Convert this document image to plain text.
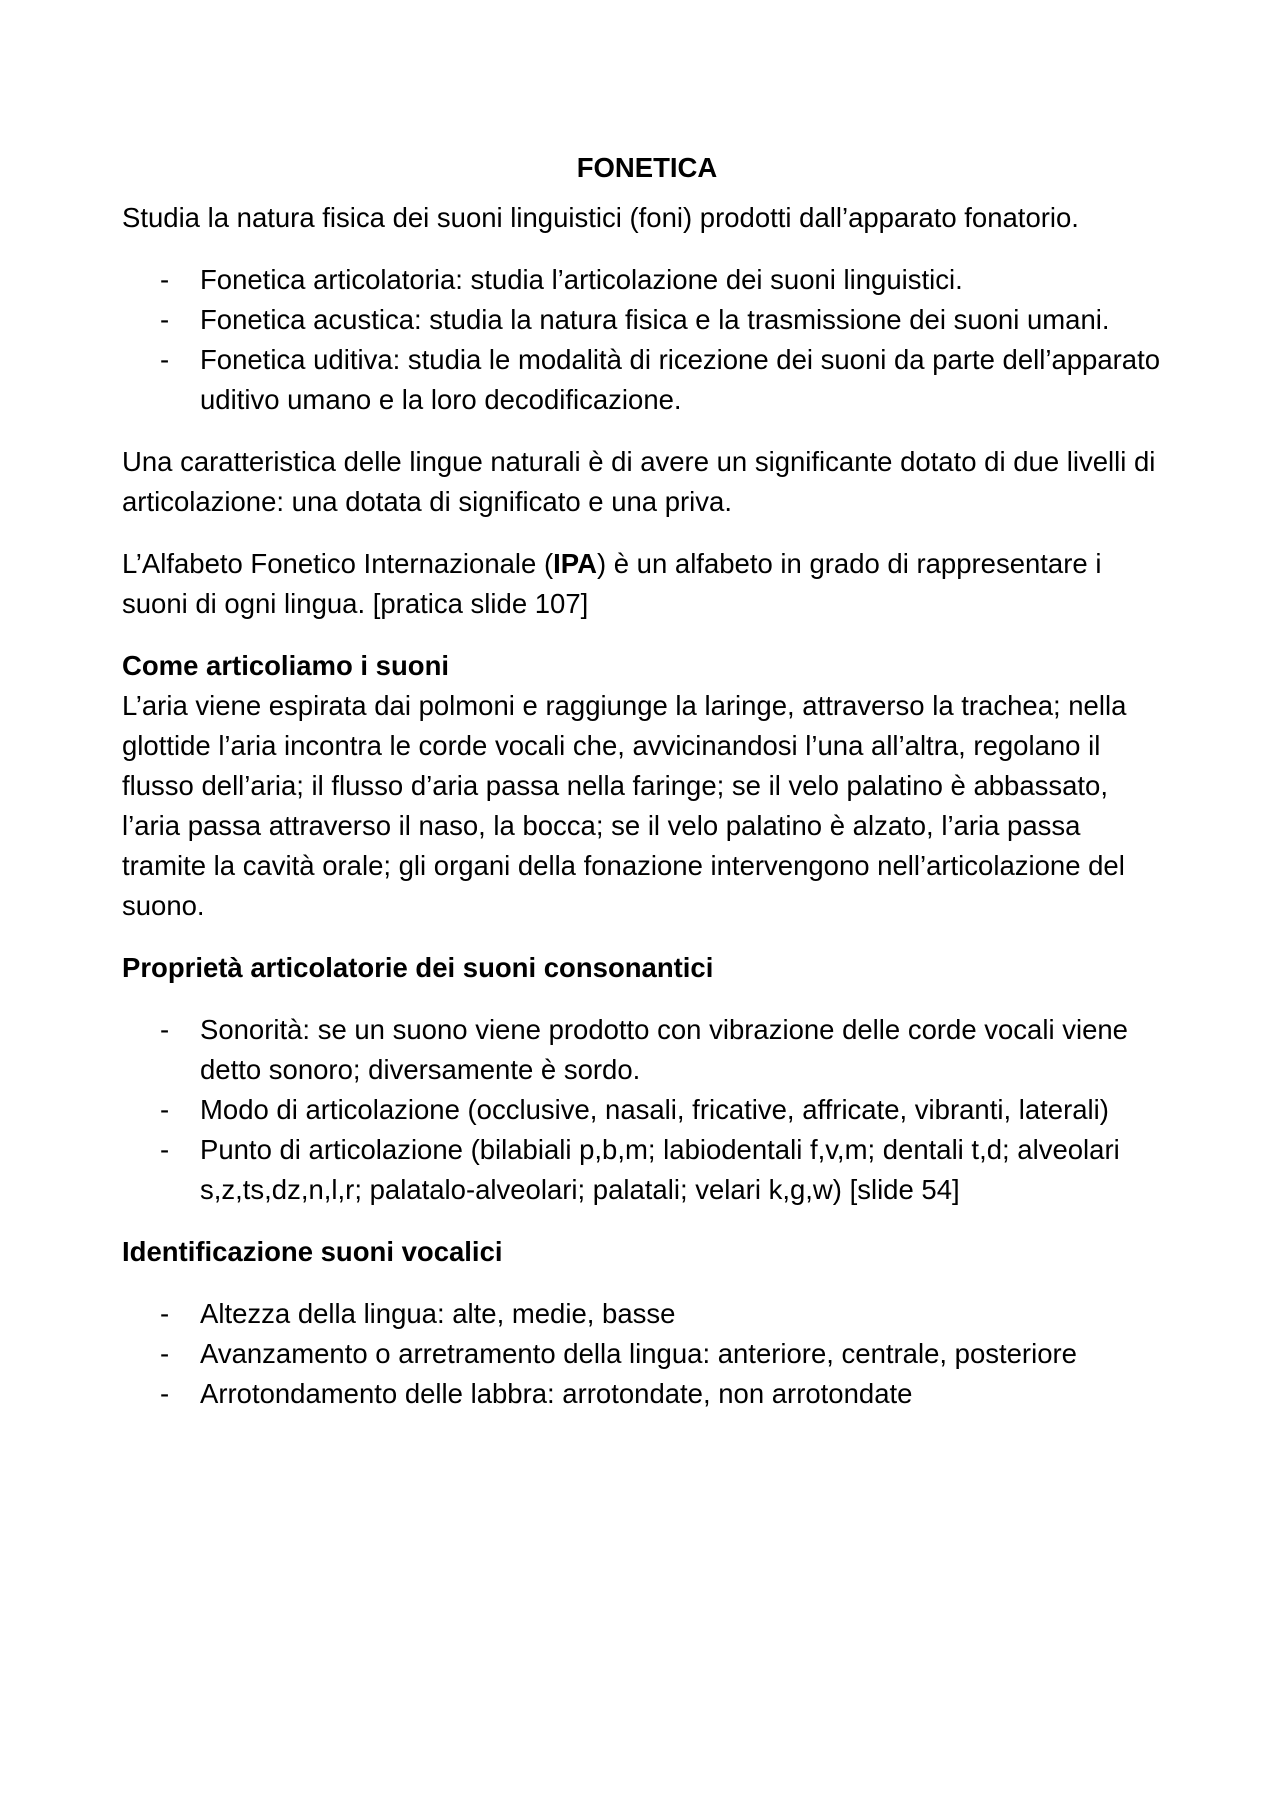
FONETICA

Studia la natura fisica dei suoni linguistici (foni) prodotti dall’apparato fonatorio.

- Fonetica articolatoria: studia l’articolazione dei suoni linguistici.
- Fonetica acustica: studia la natura fisica e la trasmissione dei suoni umani.
- Fonetica uditiva: studia le modalità di ricezione dei suoni da parte dell’apparato uditivo umano e la loro decodificazione.

Una caratteristica delle lingue naturali è di avere un significante dotato di due livelli di articolazione: una dotata di significato e una priva.

L’Alfabeto Fonetico Internazionale (IPA) è un alfabeto in grado di rappresentare i suoni di ogni lingua. [pratica slide 107]

Come articoliamo i suoni

L’aria viene espirata dai polmoni e raggiunge la laringe, attraverso la trachea; nella glottide l’aria incontra le corde vocali che, avvicinandosi l’una all’altra, regolano il flusso dell’aria; il flusso d’aria passa nella faringe; se il velo palatino è abbassato, l’aria passa attraverso il naso, la bocca; se il velo palatino è alzato, l’aria passa tramite la cavità orale; gli organi della fonazione intervengono nell’articolazione del suono.

Proprietà articolatorie dei suoni consonantici
- Sonorità: se un suono viene prodotto con vibrazione delle corde vocali viene detto sonoro; diversamente è sordo.
- Modo di articolazione (occlusive, nasali, fricative, affricate, vibranti, laterali)
- Punto di articolazione (bilabiali p,b,m; labiodentali f,v,m; dentali t,d; alveolari s,z,ts,dz,n,l,r; palatalo-alveolari; palatali; velari k,g,w) [slide 54]
Identificazione suoni vocalici
- Altezza della lingua: alte, medie, basse
- Avanzamento o arretramento della lingua: anteriore, centrale, posteriore
- Arrotondamento delle labbra: arrotondate, non arrotondate
